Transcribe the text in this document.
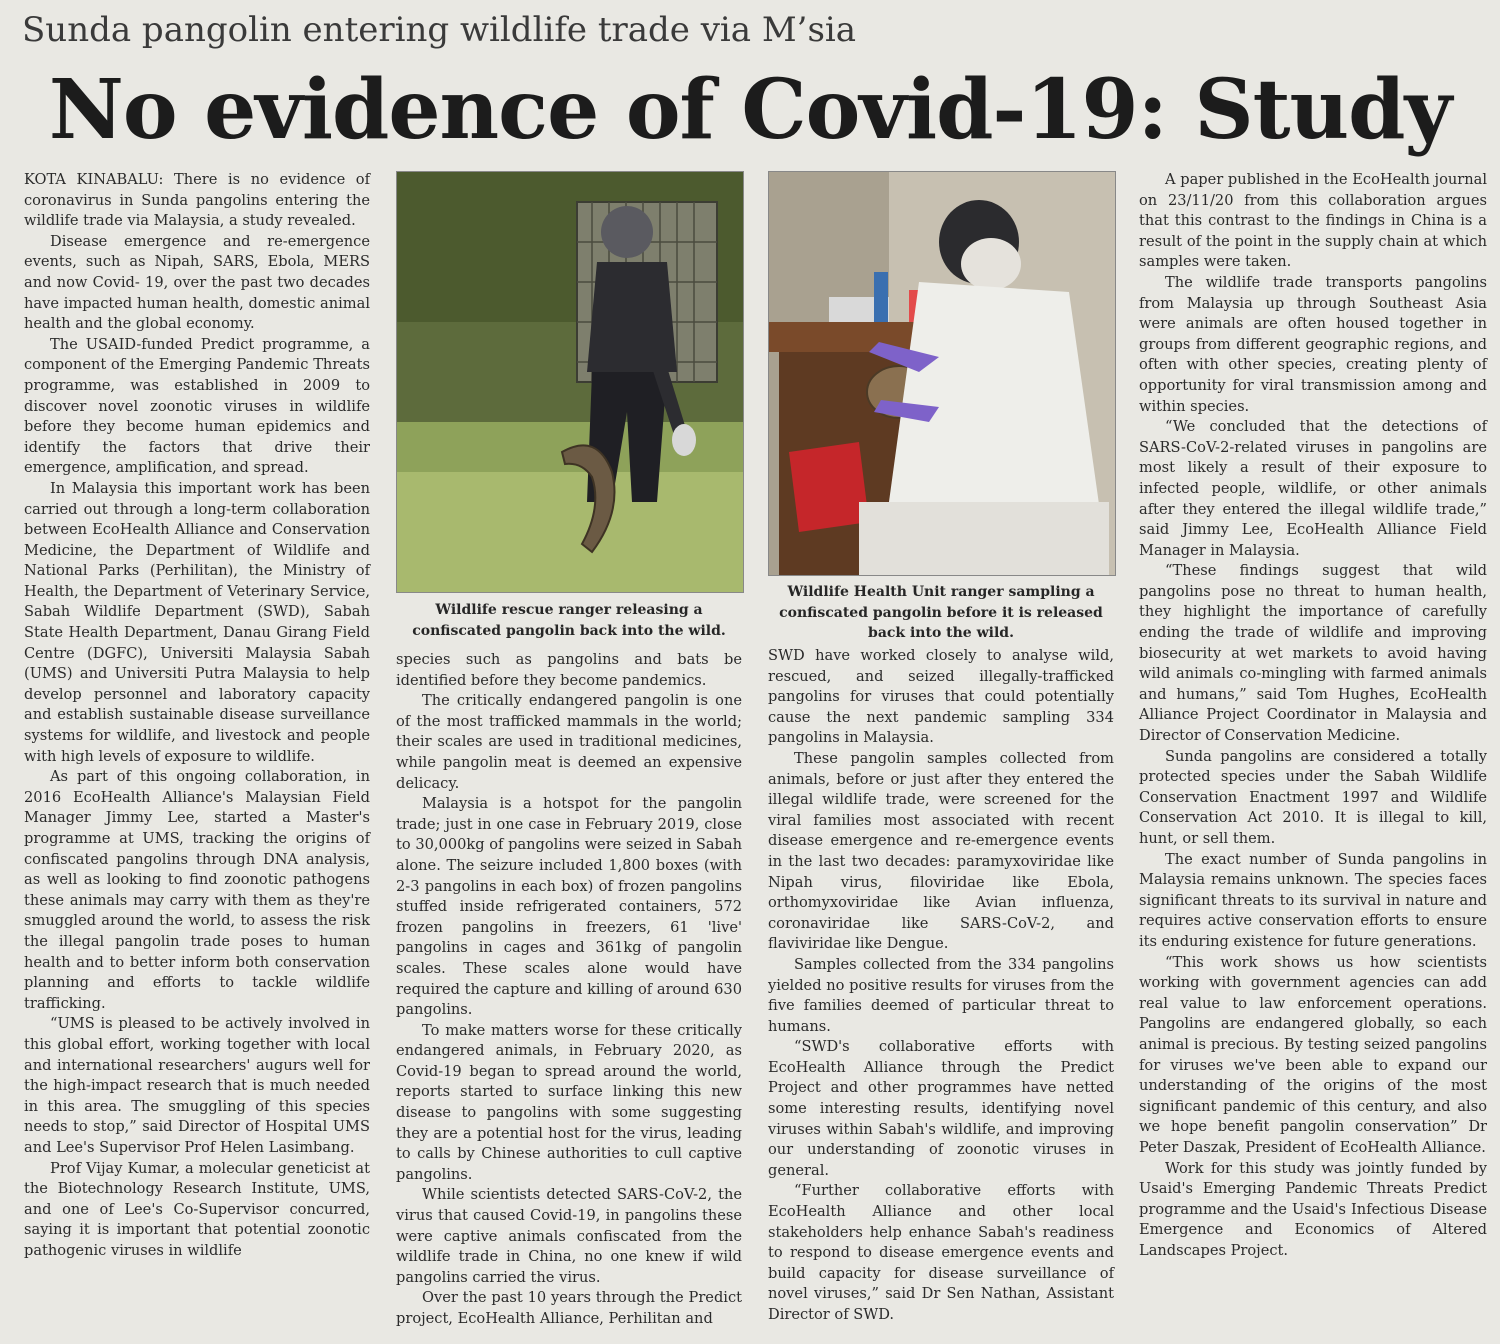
Sunda pangolin entering wildlife trade via M’sia
No evidence of Covid-19: Study

KOTA KINABALU: There is no evidence of coronavirus in Sunda pangolins entering the wildlife trade via Malaysia, a study revealed.

Disease emergence and re-emergence events, such as Nipah, SARS, Ebola, MERS and now Covid- 19, over the past two decades have impacted human health, domestic animal health and the global economy.

The USAID-funded Predict programme, a component of the Emerging Pandemic Threats programme, was established in 2009 to discover novel zoonotic viruses in wildlife before they become human epidemics and identify the factors that drive their emergence, amplification, and spread.

In Malaysia this important work has been carried out through a long-term collaboration between EcoHealth Alliance and Conservation Medicine, the Department of Wildlife and National Parks (Perhilitan), the Ministry of Health, the Department of Veterinary Service, Sabah Wildlife Department (SWD), Sabah State Health Department, Danau Girang Field Centre (DGFC), Universiti Malaysia Sabah (UMS) and Universiti Putra Malaysia to help develop personnel and laboratory capacity and establish sustainable disease surveillance systems for wildlife, and livestock and people with high levels of exposure to wildlife.

As part of this ongoing collaboration, in 2016 EcoHealth Alliance's Malaysian Field Manager Jimmy Lee, started a Master's programme at UMS, tracking the origins of confiscated pangolins through DNA analysis, as well as looking to find zoonotic pathogens these animals may carry with them as they're smuggled around the world, to assess the risk the illegal pangolin trade poses to human health and to better inform both conservation planning and efforts to tackle wildlife trafficking.

“UMS is pleased to be actively involved in this global effort, working together with local and international researchers' augurs well for the high-impact research that is much needed in this area. The smuggling of this species needs to stop,” said Director of Hospital UMS and Lee's Supervisor Prof Helen Lasimbang.

Prof Vijay Kumar, a molecular geneticist at the Biotechnology Research Institute, UMS, and one of Lee's Co-Supervisor concurred, saying it is important that potential zoonotic pathogenic viruses in wildlife

Wildlife rescue ranger releasing a confiscated pangolin back into the wild.

species such as pangolins and bats be identified before they become pandemics.

The critically endangered pangolin is one of the most trafficked mammals in the world; their scales are used in traditional medicines, while pangolin meat is deemed an expensive delicacy.

Malaysia is a hotspot for the pangolin trade; just in one case in February 2019, close to 30,000kg of pangolins were seized in Sabah alone. The seizure included 1,800 boxes (with 2-3 pangolins in each box) of frozen pangolins stuffed inside refrigerated containers, 572 frozen pangolins in freezers, 61 'live' pangolins in cages and 361kg of pangolin scales. These scales alone would have required the capture and killing of around 630 pangolins.

To make matters worse for these critically endangered animals, in February 2020, as Covid-19 began to spread around the world, reports started to surface linking this new disease to pangolins with some suggesting they are a potential host for the virus, leading to calls by Chinese authorities to cull captive pangolins.

While scientists detected SARS-CoV-2, the virus that caused Covid-19, in pangolins these were captive animals confiscated from the wildlife trade in China, no one knew if wild pangolins carried the virus.

Over the past 10 years through the Predict project, EcoHealth Alliance, Perhilitan and

Wildlife Health Unit ranger sampling a confiscated pangolin before it is released back into the wild.

SWD have worked closely to analyse wild, rescued, and seized illegally-trafficked pangolins for viruses that could potentially cause the next pandemic sampling 334 pangolins in Malaysia.

These pangolin samples collected from animals, before or just after they entered the illegal wildlife trade, were screened for the viral families most associated with recent disease emergence and re-emergence events in the last two decades: paramyxoviridae like Nipah virus, filoviridae like Ebola, orthomyxoviridae like Avian influenza, coronaviridae like SARS-CoV-2, and flaviviridae like Dengue.

Samples collected from the 334 pangolins yielded no positive results for viruses from the five families deemed of particular threat to humans.

“SWD's collaborative efforts with EcoHealth Alliance through the Predict Project and other programmes have netted some interesting results, identifying novel viruses within Sabah's wildlife, and improving our understanding of zoonotic viruses in general.

“Further collaborative efforts with EcoHealth Alliance and other local stakeholders help enhance Sabah's readiness to respond to disease emergence events and build capacity for disease surveillance of novel viruses,” said Dr Sen Nathan, Assistant Director of SWD.

A paper published in the EcoHealth journal on 23/11/20 from this collaboration argues that this contrast to the findings in China is a result of the point in the supply chain at which samples were taken.

The wildlife trade transports pangolins from Malaysia up through Southeast Asia were animals are often housed together in groups from different geographic regions, and often with other species, creating plenty of opportunity for viral transmission among and within species.

“We concluded that the detections of SARS-CoV-2-related viruses in pangolins are most likely a result of their exposure to infected people, wildlife, or other animals after they entered the illegal wildlife trade,” said Jimmy Lee, EcoHealth Alliance Field Manager in Malaysia.

“These findings suggest that wild pangolins pose no threat to human health, they highlight the importance of carefully ending the trade of wildlife and improving biosecurity at wet markets to avoid having wild animals co-mingling with farmed animals and humans,” said Tom Hughes, EcoHealth Alliance Project Coordinator in Malaysia and Director of Conservation Medicine.

Sunda pangolins are considered a totally protected species under the Sabah Wildlife Conservation Enactment 1997 and Wildlife Conservation Act 2010. It is illegal to kill, hunt, or sell them.

The exact number of Sunda pangolins in Malaysia remains unknown. The species faces significant threats to its survival in nature and requires active conservation efforts to ensure its enduring existence for future generations.

“This work shows us how scientists working with government agencies can add real value to law enforcement operations. Pangolins are endangered globally, so each animal is precious. By testing seized pangolins for viruses we've been able to expand our understanding of the origins of the most significant pandemic of this century, and also we hope benefit pangolin conservation” Dr Peter Daszak, President of EcoHealth Alliance.

Work for this study was jointly funded by Usaid's Emerging Pandemic Threats Predict programme and the Usaid's Infectious Disease Emergence and Economics of Altered Landscapes Project.
